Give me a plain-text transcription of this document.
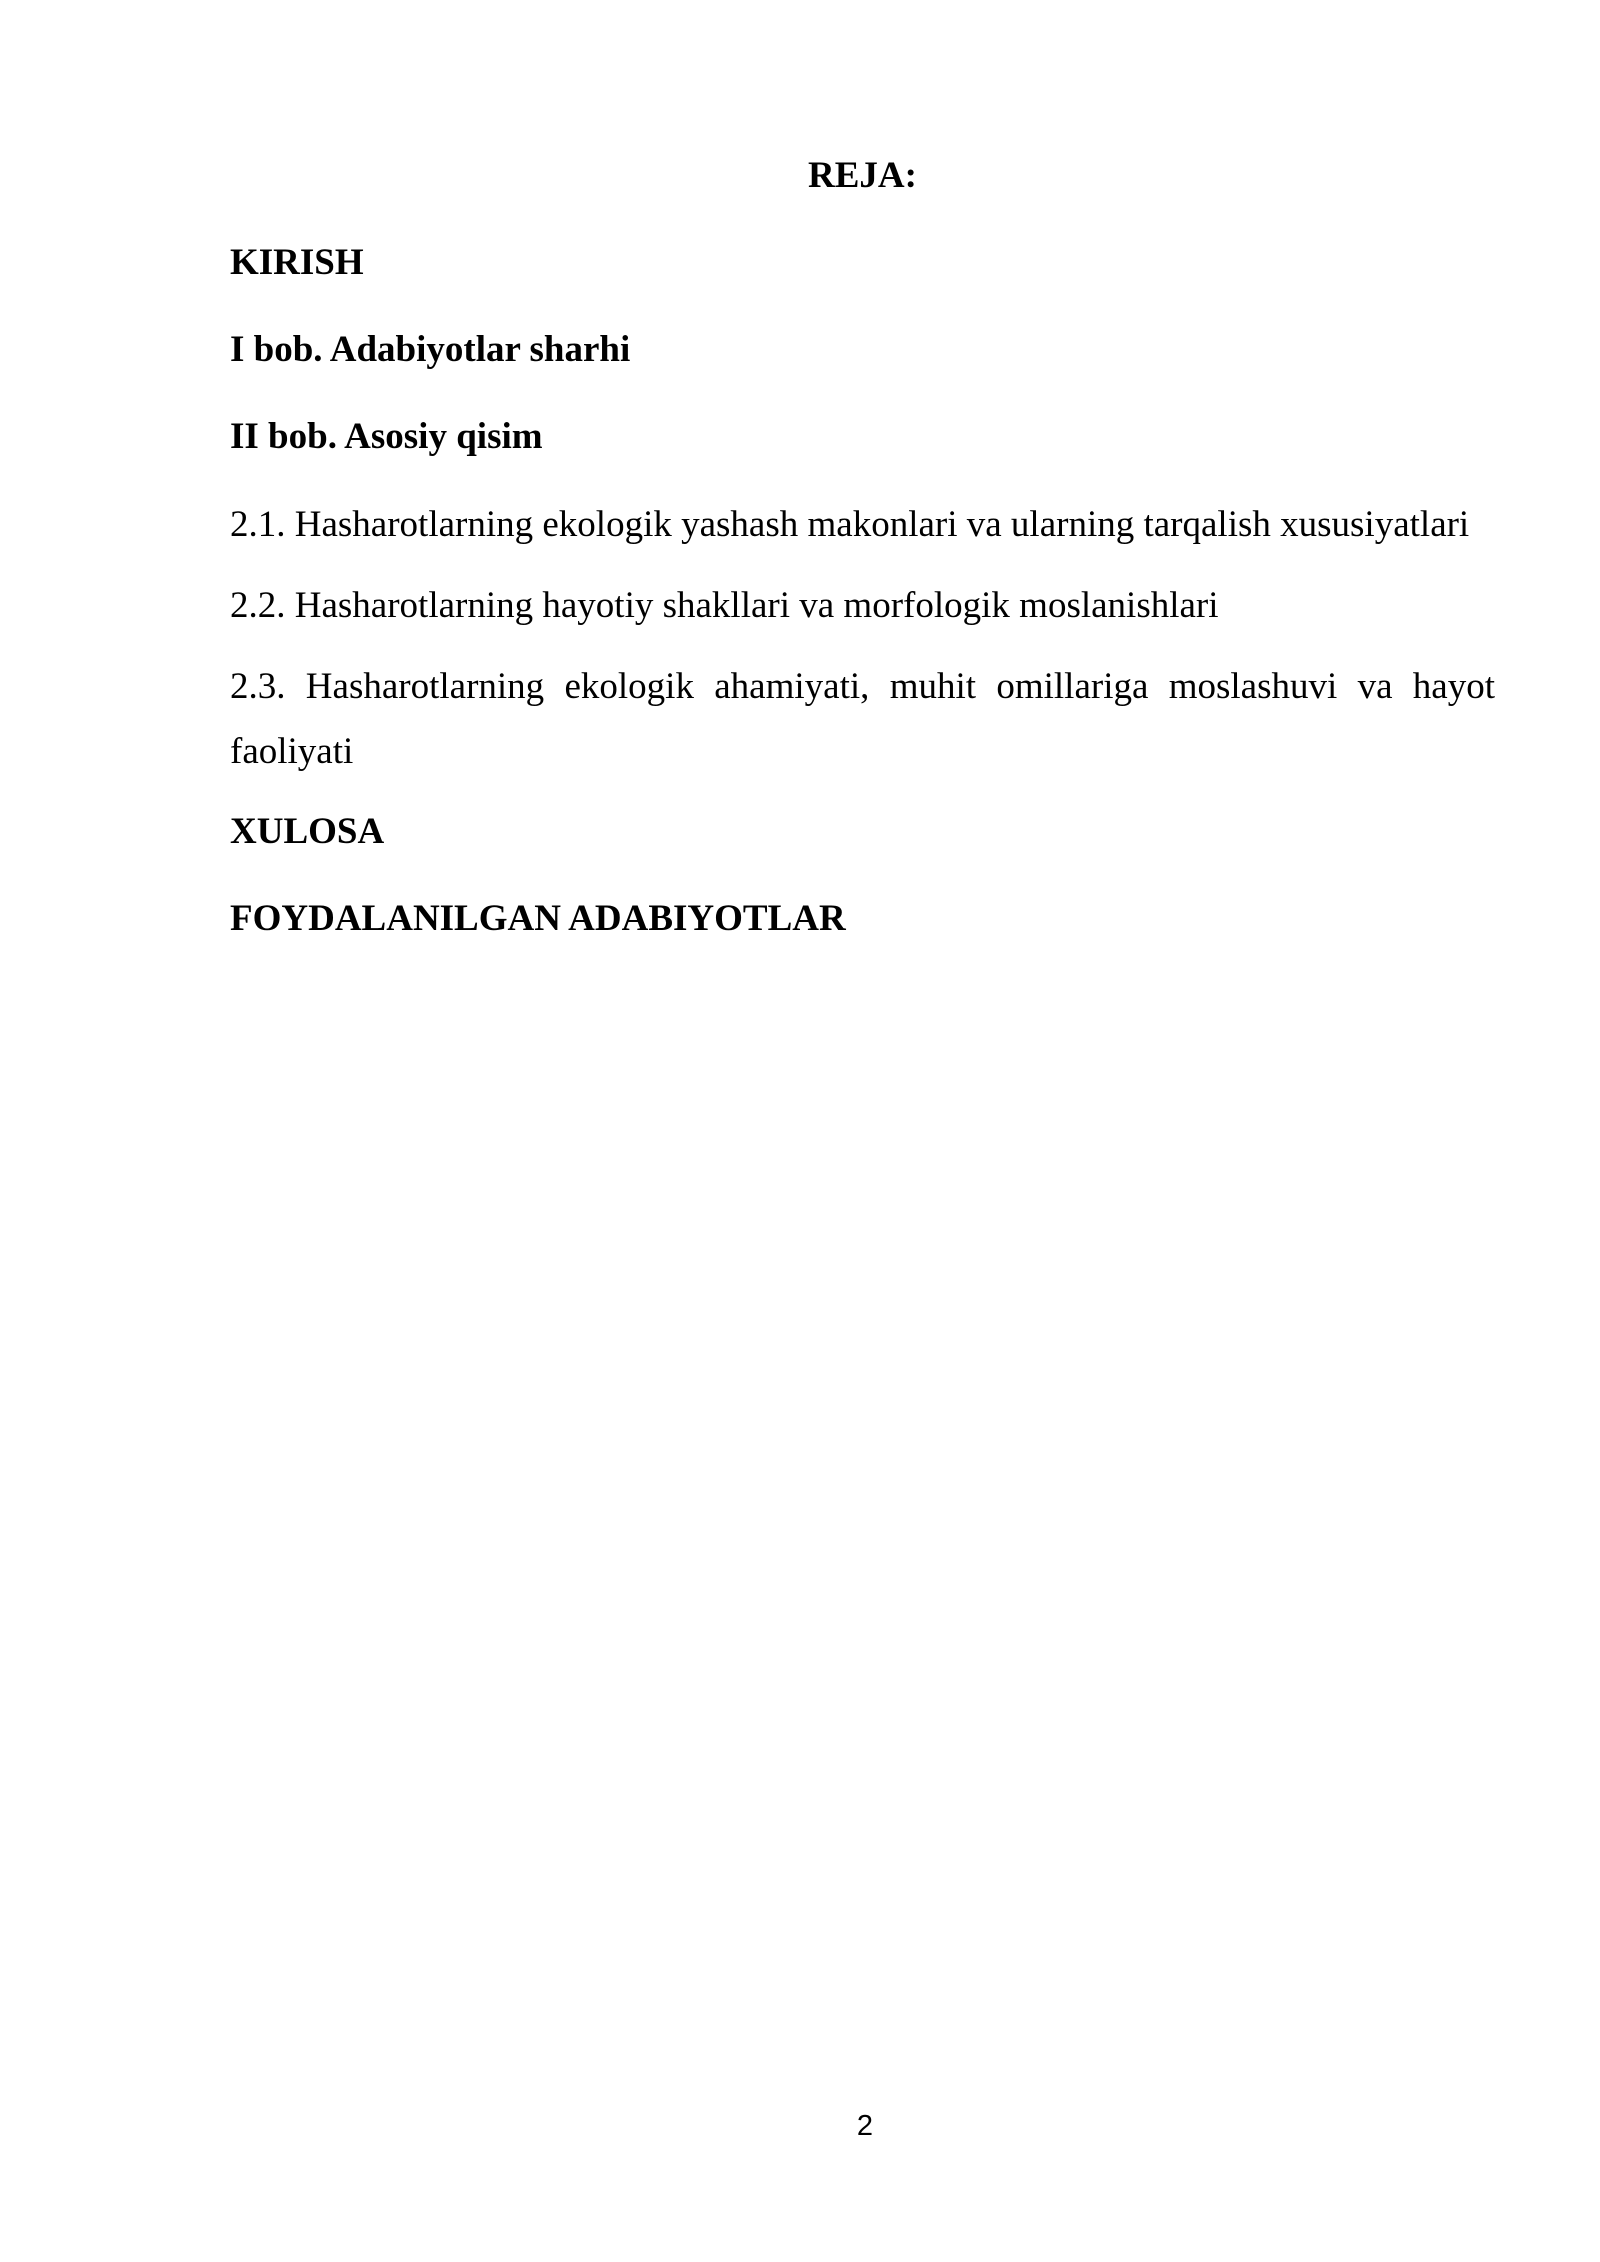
REJA:
KIRISH
I bob. Adabiyotlar sharhi
II bob. Asosiy qisim
2.1. Hasharotlarning ekologik yashash makonlari va ularning tarqalish xususiyatlari
2.2. Hasharotlarning hayotiy shakllari va morfologik moslanishlari
2.3. Hasharotlarning ekologik ahamiyati, muhit omillariga moslashuvi va hayot faoliyati
XULOSA
FOYDALANILGAN ADABIYOTLAR
2
